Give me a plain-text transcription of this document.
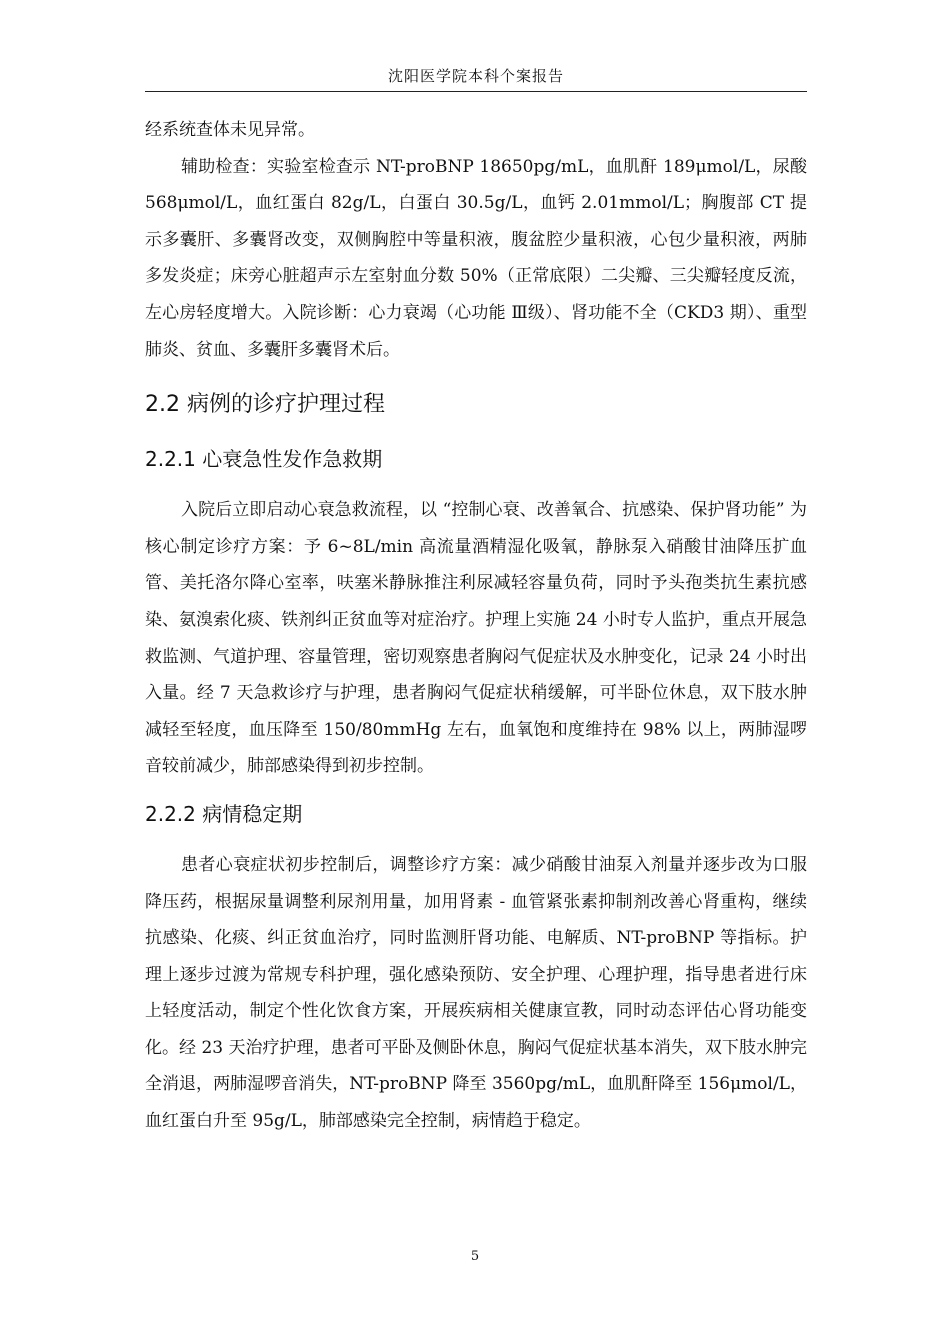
沈阳医学院本科个案报告

经系统查体未见异常。

辅助检查：实验室检查示 NT-proBNP 18650pg/mL，血肌酐 189μmol/L，尿酸 568μmol/L，血红蛋白 82g/L，白蛋白 30.5g/L，血钙 2.01mmol/L；胸腹部 CT 提示多囊肝、多囊肾改变，双侧胸腔中等量积液，腹盆腔少量积液，心包少量积液，两肺多发炎症；床旁心脏超声示左室射血分数 50%（正常底限）二尖瓣、三尖瓣轻度反流，左心房轻度增大。入院诊断：心力衰竭（心功能 Ⅲ级）、肾功能不全（CKD3 期）、重型肺炎、贫血、多囊肝多囊肾术后。

2.2 病例的诊疗护理过程
2.2.1 心衰急性发作急救期

入院后立即启动心衰急救流程，以 “控制心衰、改善氧合、抗感染、保护肾功能” 为核心制定诊疗方案：予 6~8L/min 高流量酒精湿化吸氧，静脉泵入硝酸甘油降压扩血管、美托洛尔降心室率，呋塞米静脉推注利尿减轻容量负荷，同时予头孢类抗生素抗感染、氨溴索化痰、铁剂纠正贫血等对症治疗。护理上实施 24 小时专人监护，重点开展急救监测、气道护理、容量管理，密切观察患者胸闷气促症状及水肿变化，记录 24 小时出入量。经 7 天急救诊疗与护理，患者胸闷气促症状稍缓解，可半卧位休息，双下肢水肿减轻至轻度，血压降至 150/80mmHg 左右，血氧饱和度维持在 98% 以上，两肺湿啰音较前减少，肺部感染得到初步控制。

2.2.2 病情稳定期

患者心衰症状初步控制后，调整诊疗方案：减少硝酸甘油泵入剂量并逐步改为口服降压药，根据尿量调整利尿剂用量，加用肾素 - 血管紧张素抑制剂改善心肾重构，继续抗感染、化痰、纠正贫血治疗，同时监测肝肾功能、电解质、NT-proBNP 等指标。护理上逐步过渡为常规专科护理，强化感染预防、安全护理、心理护理，指导患者进行床上轻度活动，制定个性化饮食方案，开展疾病相关健康宣教，同时动态评估心肾功能变化。经 23 天治疗护理，患者可平卧及侧卧休息，胸闷气促症状基本消失，双下肢水肿完全消退，两肺湿啰音消失，NT-proBNP 降至 3560pg/mL，血肌酐降至 156μmol/L，血红蛋白升至 95g/L，肺部感染完全控制，病情趋于稳定。

5
